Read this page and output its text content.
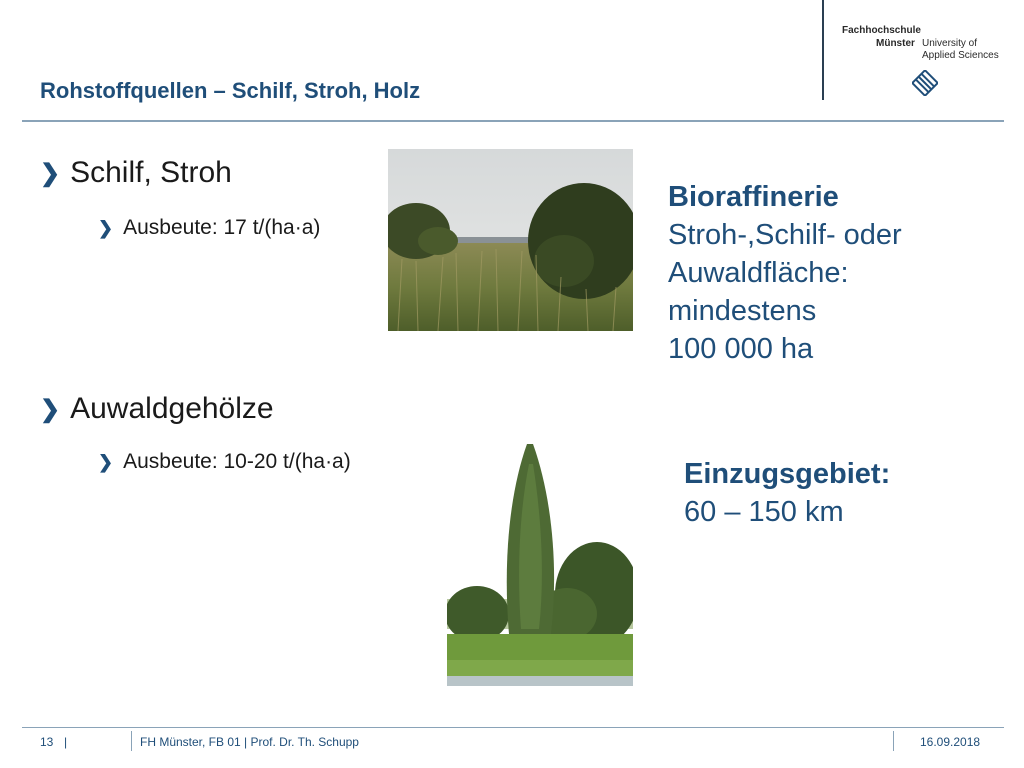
Rohstoffquellen – Schilf, Stroh, Holz
Fachhochschule
Münster University of
Applied Sciences
❯ Schilf, Stroh
❯ Ausbeute: 17 t/(ha·a)
❯ Auwaldgehölze
❯ Ausbeute: 10-20 t/(ha·a)
Bioraffinerie
Stroh-,Schilf- oder
Auwaldfläche:
mindestens
100 000 ha
Einzugsgebiet:
60 – 150 km
13 |	FH Münster, FB 01 | Prof. Dr. Th. Schupp	16.09.2018
